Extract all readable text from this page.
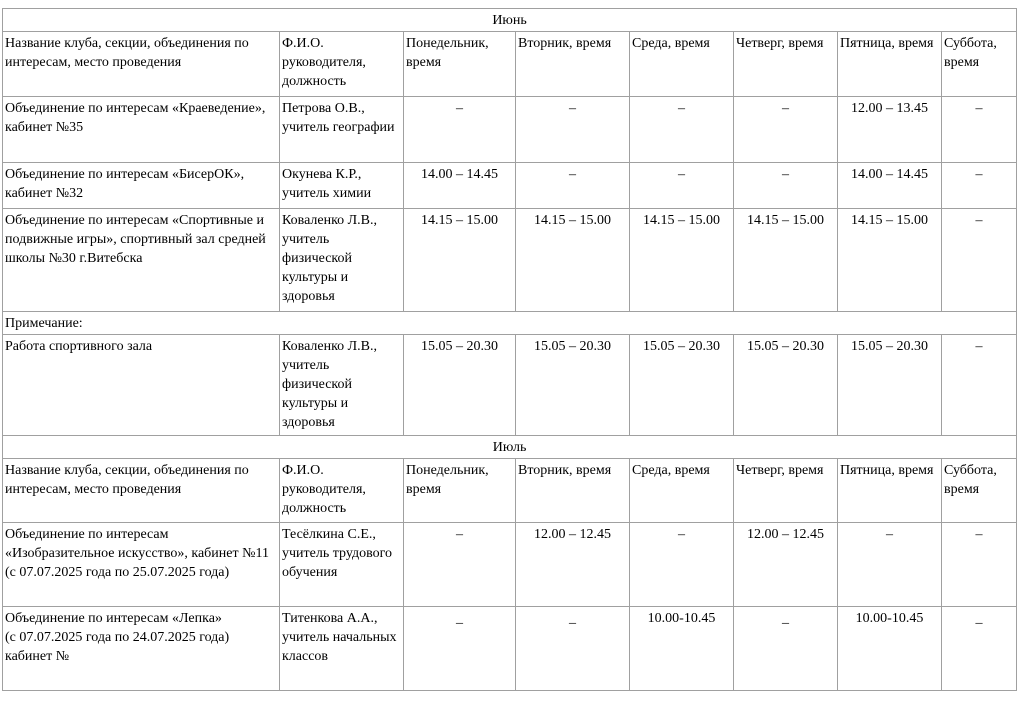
Июнь							
Название клуба, секции, объединения по интересам, место проведения	Ф.И.О. руководителя, должность	Понедельник, время	Вторник, время	Среда, время	Четверг, время	Пятница, время	Суббота, время
Объединение по интересам «Краеведение», кабинет №35	Петрова О.В., учитель географии	–	–	–	–	12.00 – 13.45	–
Объединение по интересам «БисерОК», кабинет №32	Окунева К.Р., учитель химии	14.00 – 14.45	–	–	–	14.00 – 14.45	–
Объединение по интересам «Спортивные и подвижные игры», спортивный зал средней школы №30 г.Витебска	Коваленко Л.В., учитель физической культуры и здоровья	14.15 – 15.00	14.15 – 15.00	14.15 – 15.00	14.15 – 15.00	14.15 – 15.00	–
Примечание:							
Работа спортивного зала	Коваленко Л.В., учитель физической культуры и здоровья	15.05 – 20.30	15.05 – 20.30	15.05 – 20.30	15.05 – 20.30	15.05 – 20.30	–
Июль							
Название клуба, секции, объединения по интересам, место проведения	Ф.И.О. руководителя, должность	Понедельник, время	Вторник, время	Среда, время	Четверг, время	Пятница, время	Суббота, время
Объединение по интересам «Изобразительное искусство», кабинет №11
(с 07.07.2025 года по 25.07.2025 года)	Тесёлкина С.Е., учитель трудового обучения	–	12.00 – 12.45	–	12.00 – 12.45	–	–
Объединение по интересам «Лепка»
(с 07.07.2025 года по 24.07.2025 года)
кабинет №	Титенкова А.А., учитель начальных классов	_	_	10.00-10.45	_	10.00-10.45	_
